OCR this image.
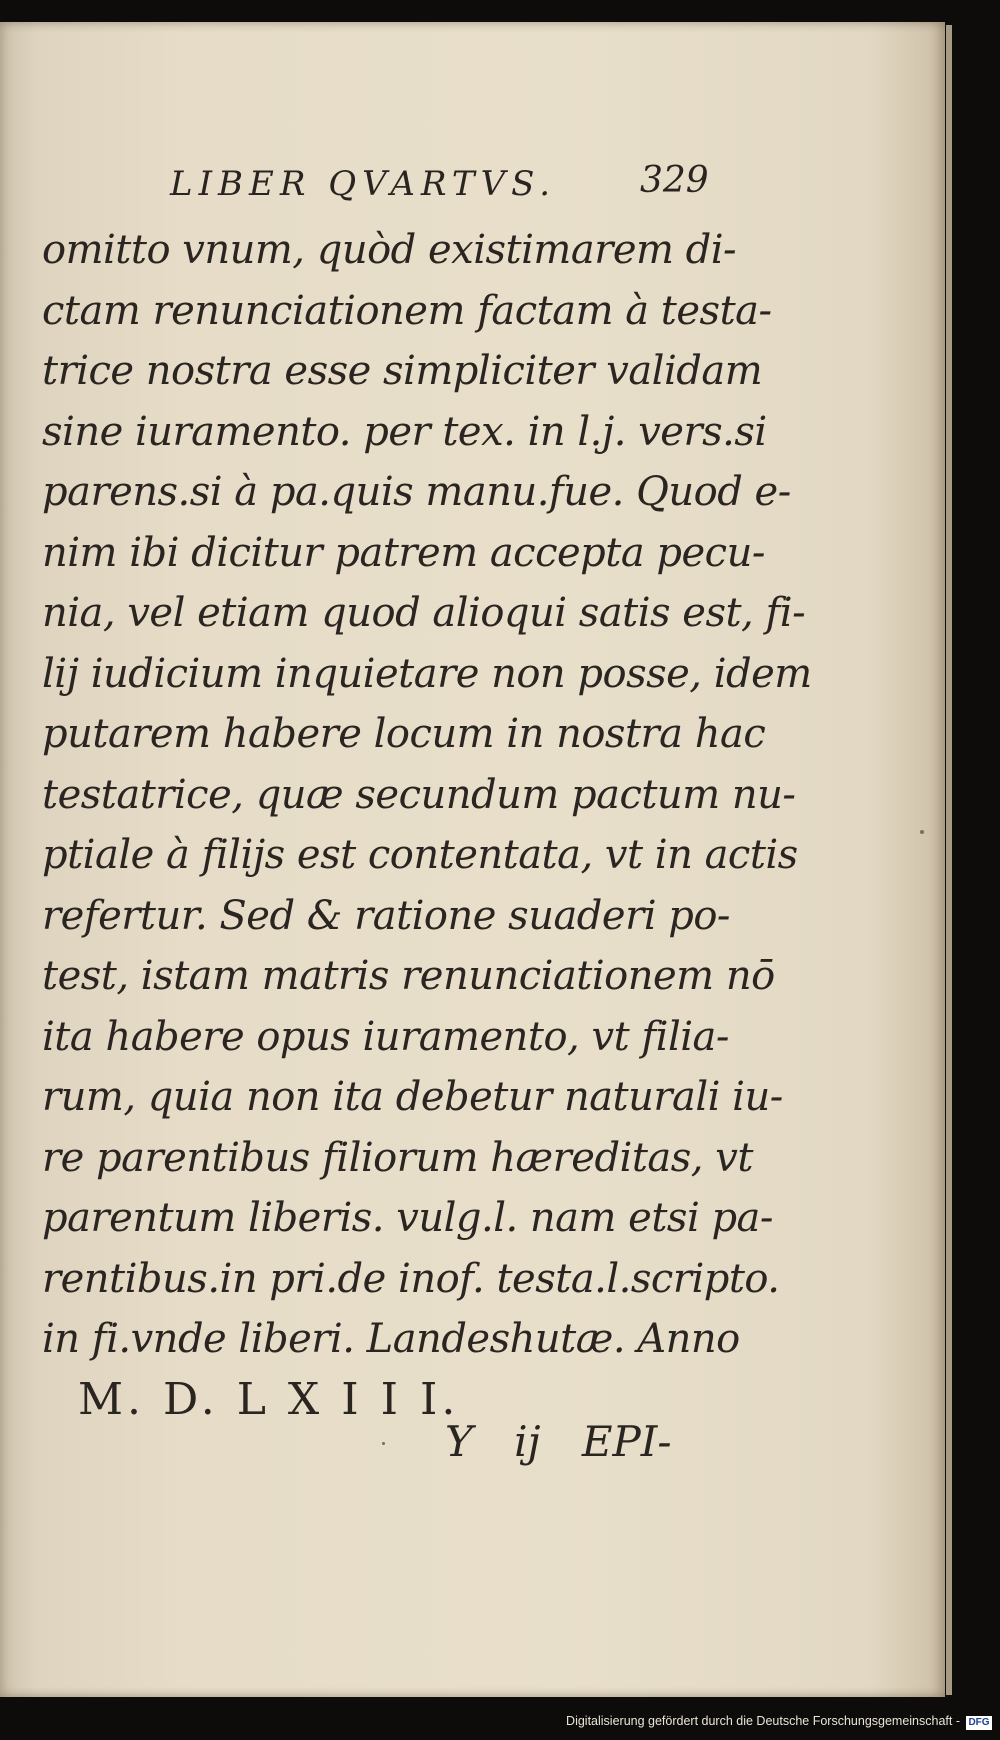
LIBER QVARTVS. 329
omitto vnum, quòd existimarem di-
ctam renunciationem factam à testa-
trice nostra esse simpliciter validam
sine iuramento. per tex. in l.j. vers.si
parens.si à pa.quis manu.fue. Quod e-
nim ibi dicitur patrem accepta pecu-
nia, vel etiam quod alioqui satis est, fi-
lij iudicium inquietare non posse, idem
putarem habere locum in nostra hac
testatrice, quæ secundum pactum nu-
ptiale à filijs est contentata, vt in actis
refertur. Sed & ratione suaderi po-
test, istam matris renunciationem nō
ita habere opus iuramento, vt filia-
rum, quia non ita debetur naturali iu-
re parentibus filiorum hæreditas, vt
parentum liberis. vulg.l. nam etsi pa-
rentibus.in pri.de inof. testa.l.scripto.
in fi.vnde liberi. Landeshutæ. Anno
M. D. L X I I I.
Y ij EPI-
Digitalisierung gefördert durch die Deutsche Forschungsgemeinschaft - DFG
